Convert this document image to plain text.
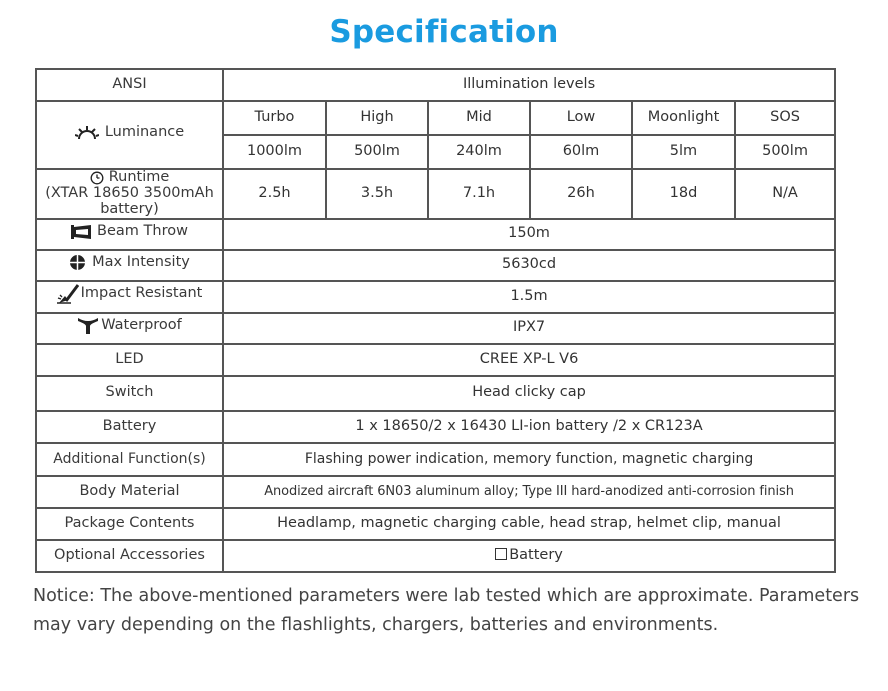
Specification
ANSI	Illumination levels					

Luminance	Turbo	High	Mid	Low	Moonlight	SOS
	1000lm	500lm	240lm	60lm	5lm	500lm

Runtime
(XTAR 18650 3500mAh
battery)	2.5h	3.5h	7.1h	26h	18d	N/A

Beam Throw	150m					

Max Intensity	5630cd					

Impact Resistant	1.5m					

Waterproof	IPX7					
LED	CREE XP-L V6					
Switch	Head clicky cap					
Battery	1 x 18650/2 x 16430 LI-ion battery /2 x CR123A					
Additional Function(s)	Flashing power indication, memory function, magnetic charging					
Body Material	Anodized aircraft 6N03 aluminum alloy; Type III hard-anodized anti-corrosion finish					
Package Contents	Headlamp, magnetic charging cable, head strap, helmet clip, manual					
Optional Accessories	Battery					
Notice: The above-mentioned parameters were lab tested which are approximate. Parameters
may vary depending on the flashlights, chargers, batteries and environments.
